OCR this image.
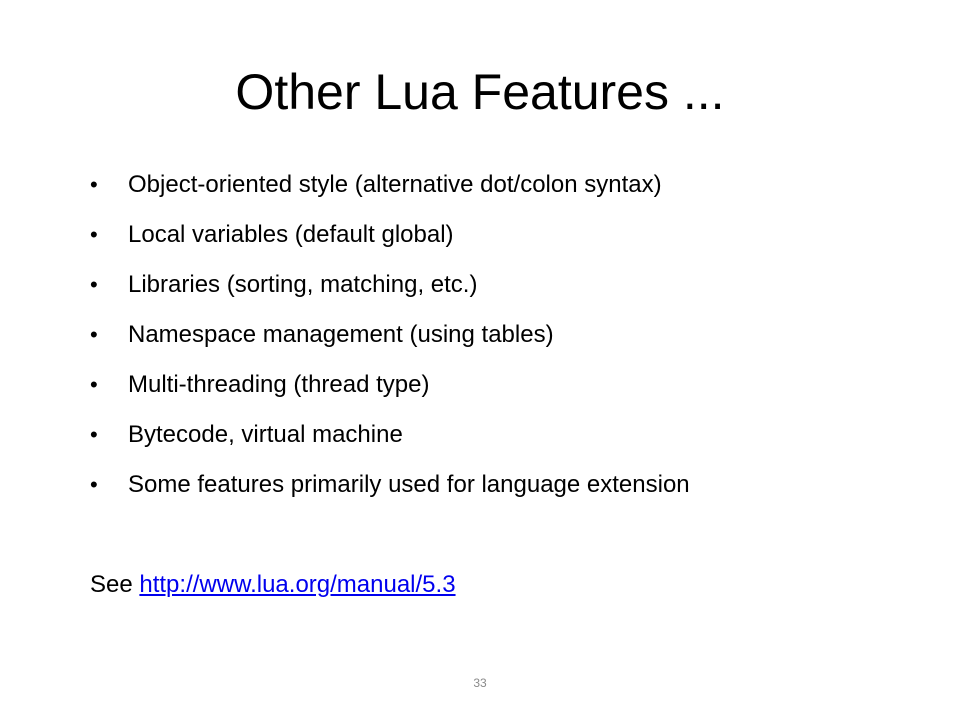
Other Lua Features ...
• Object-oriented style (alternative dot/colon syntax)
• Local variables (default global)
• Libraries (sorting, matching, etc.)
• Namespace management (using tables)
• Multi-threading (thread type)
• Bytecode, virtual machine
• Some features primarily used for language extension
See http://www.lua.org/manual/5.3
33
